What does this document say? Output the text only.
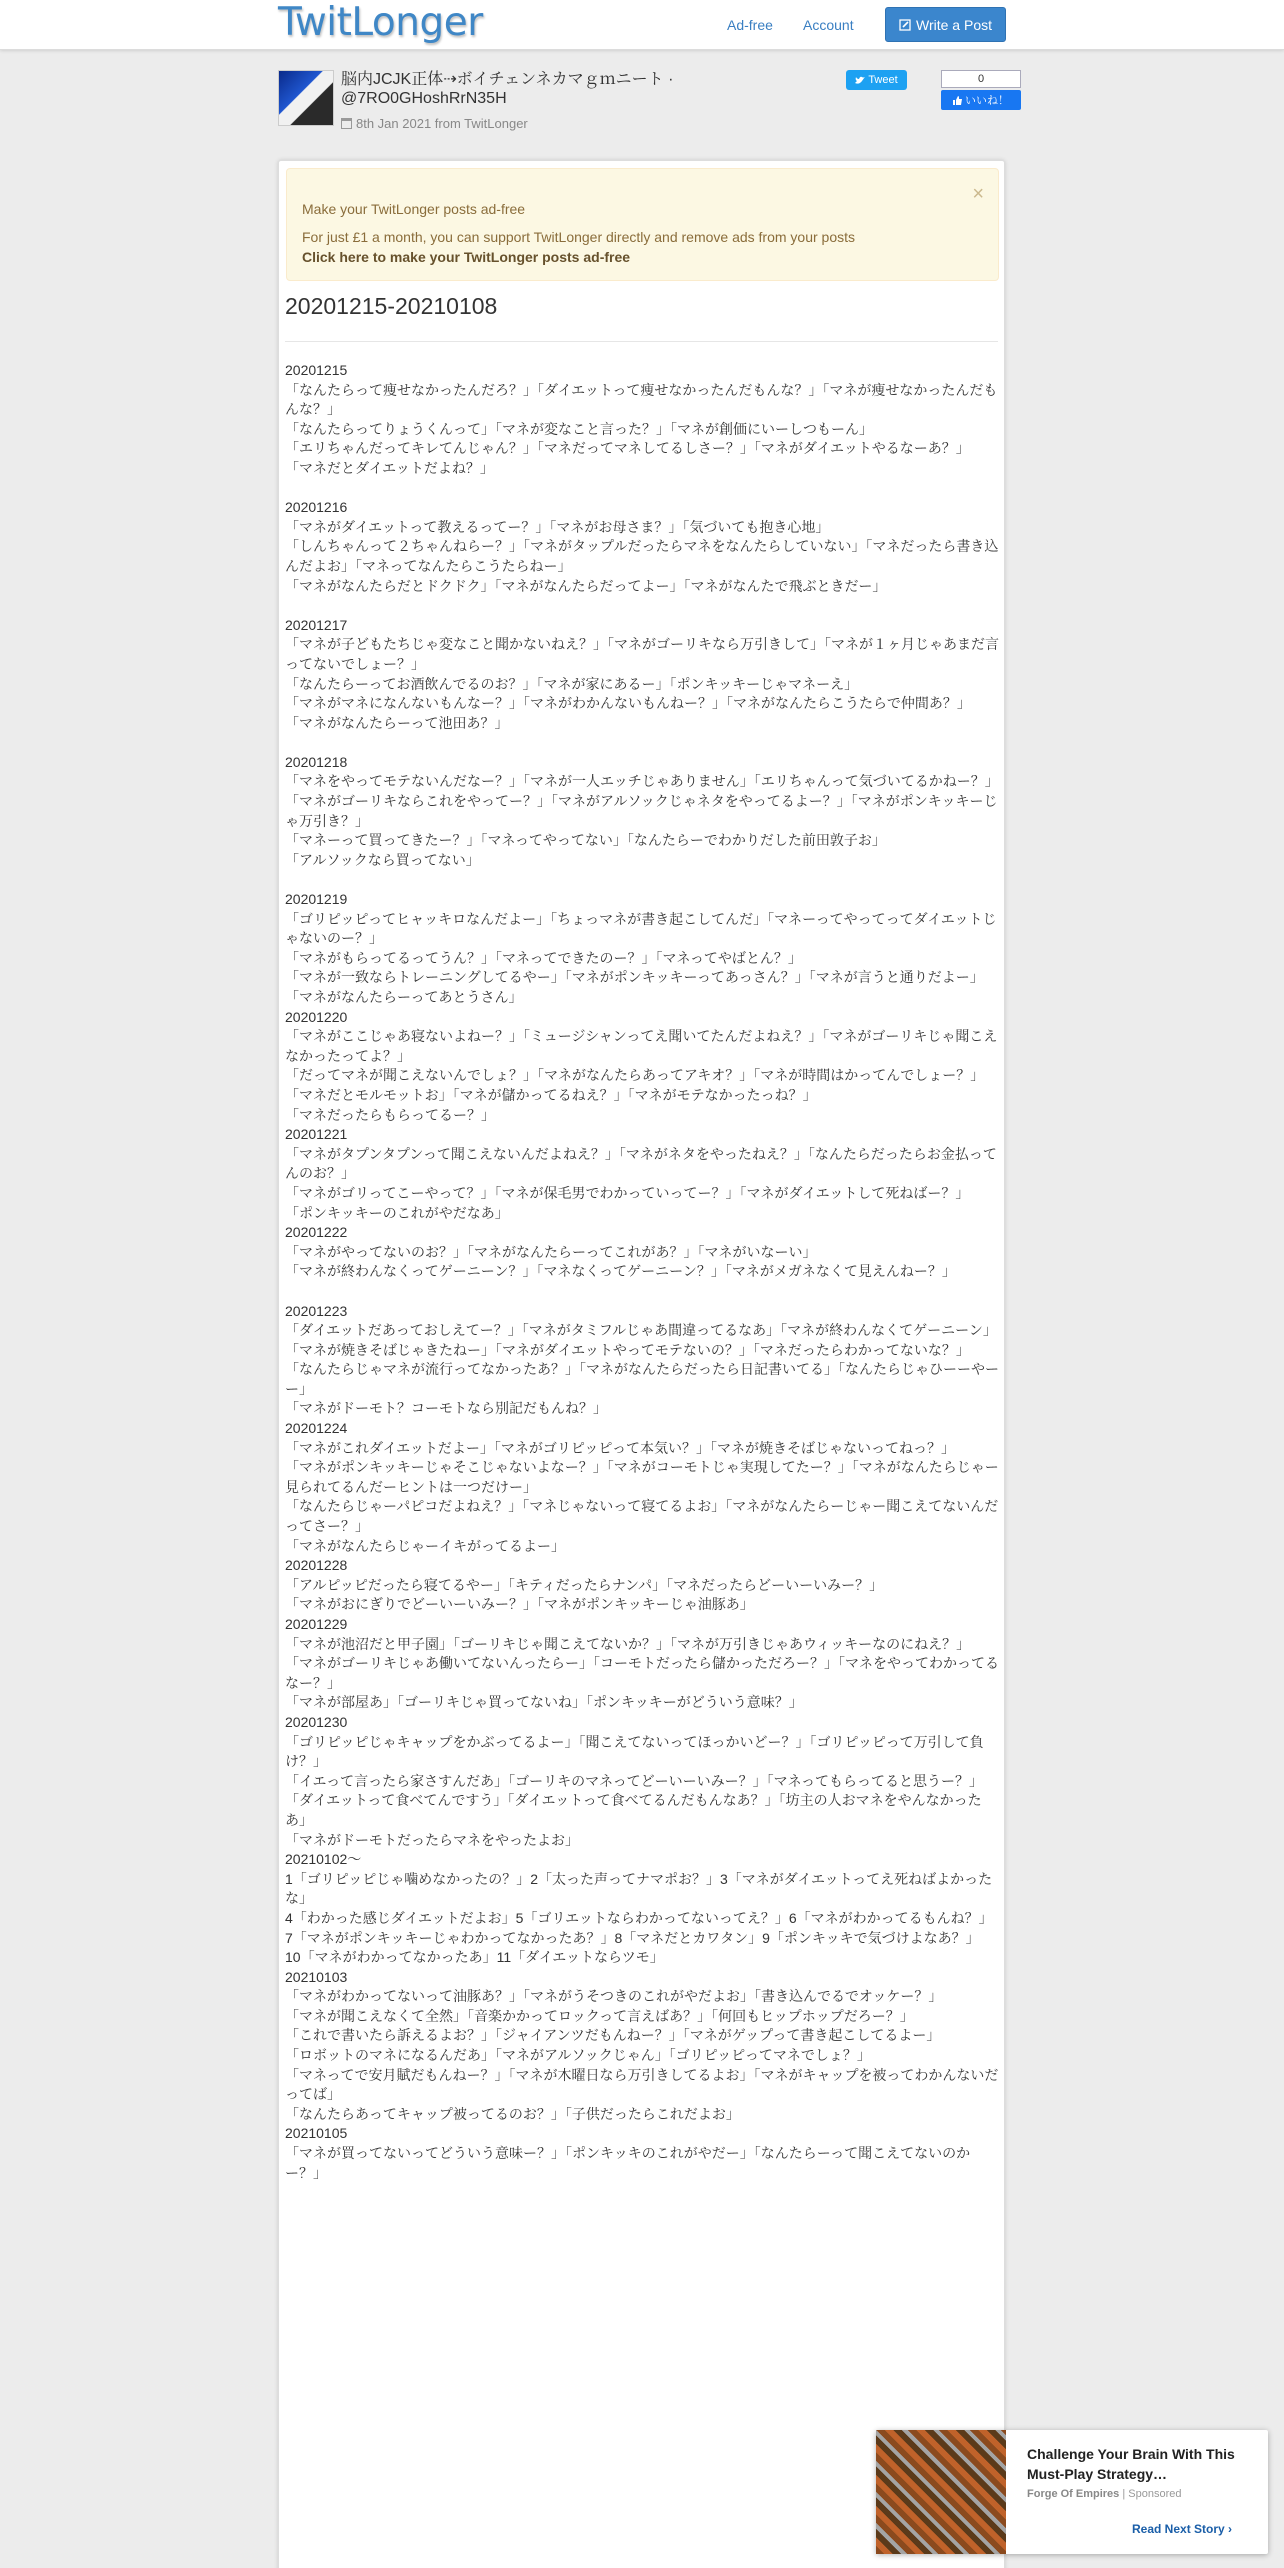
TwitLonger	Ad-free Account	Write a Post
脳内JCJK正体⇢ボイチェンネカマｇｍニート · @7RO0GHoshRrN35H
8th Jan 2021 from TwitLonger
Tweet	0
いいね！
Make your TwitLonger posts ad-free
For just £1 a month, you can support TwitLonger directly and remove ads from your posts
Click here to make your TwitLonger posts ad-free
×
20201215-20210108
20201215
「なんたらって痩せなかったんだろ？」「ダイエットって痩せなかったんだもんな？」「マネが痩せなかったんだもんな？」
「なんたらってりょうくんって」「マネが変なこと言った？」「マネが創価にいーしつもーん」
「エリちゃんだってキレてんじゃん？」「マネだってマネしてるしさー？」「マネがダイエットやるなーあ？」
「マネだとダイエットだよね？」

20201216
「マネがダイエットって教えるってー？」「マネがお母さま？」「気づいても抱き心地」
「しんちゃんって２ちゃんねらー？」「マネがタップルだったらマネをなんたらしていない」「マネだったら書き込んだよお」「マネってなんたらこうたらねー」
「マネがなんたらだとドクドク」「マネがなんたらだってよー」「マネがなんたで飛ぶときだー」

20201217
「マネが子どもたちじゃ変なこと聞かないねえ？」「マネがゴーリキなら万引きして」「マネが１ヶ月じゃあまだ言ってないでしょー？」
「なんたらーってお酒飲んでるのお？」「マネが家にあるー」「ポンキッキーじゃマネーえ」
「マネがマネになんないもんなー？」「マネがわかんないもんねー？」「マネがなんたらこうたらで仲間あ？」
「マネがなんたらーって池田あ？」

20201218
「マネをやってモテないんだなー？」「マネが一人エッチじゃありません」「エリちゃんって気づいてるかねー？」
「マネがゴーリキならこれをやってー？」「マネがアルソックじゃネタをやってるよー？」「マネがポンキッキーじゃ万引き？」
「マネーって買ってきたー？」「マネってやってない」「なんたらーでわかりだした前田敦子お」
「アルソックなら買ってない」

20201219
「ゴリピッピってヒャッキロなんだよー」「ちょっマネが書き起こしてんだ」「マネーってやってってダイエットじゃないのー？」
「マネがもらってるってうん？」「マネってできたのー？」「マネってやばとん？」
「マネが一致ならトレーニングしてるやー」「マネがポンキッキーってあっさん？」「マネが言うと通りだよー」
「マネがなんたらーってあとうさん」

20201220
「マネがここじゃあ寝ないよねー？」「ミュージシャンってえ聞いてたんだよねえ？」「マネがゴーリキじゃ聞こえなかったってよ？」
「だってマネが聞こえないんでしょ？」「マネがなんたらあってアキオ？」「マネが時間はかってんでしょー？」
「マネだとモルモットお」「マネが儲かってるねえ？」「マネがモテなかったっね？」
「マネだったらもらってるー？」

20201221
「マネがタプンタプンって聞こえないんだよねえ？」「マネがネタをやったねえ？」「なんたらだったらお金払ってんのお？」
「マネがゴリってこーやって？」「マネが保毛男でわかっていってー？」「マネがダイエットして死ねばー？」
「ポンキッキーのこれがやだなあ」

20201222
「マネがやってないのお？」「マネがなんたらーってこれがあ？」「マネがいなーい」
「マネが終わんなくってゲーニーン？」「マネなくってゲーニーン？」「マネがメガネなくて見えんねー？」

20201223
「ダイエットだあっておしえてー？」「マネがタミフルじゃあ間違ってるなあ」「マネが終わんなくてゲーニーン」
「マネが焼きそばじゃきたねー」「マネがダイエットやってモテないの？」「マネだったらわかってないな？」
「なんたらじゃマネが流行ってなかったあ？」「マネがなんたらだったら日記書いてる」「なんたらじゃひーーやーー」
「マネがドーモト？コーモトなら別記だもんね？」

20201224
「マネがこれダイエットだよー」「マネがゴリピッピって本気い？」「マネが焼きそばじゃないってねっ？」
「マネがポンキッキーじゃそこじゃないよなー？」「マネがコーモトじゃ実現してたー？」「マネがなんたらじゃー見られてるんだーヒントは一つだけー」
「なんたらじゃーパピコだよねえ？」「マネじゃないって寝てるよお」「マネがなんたらーじゃー聞こえてないんだってさー？」
「マネがなんたらじゃーイキがってるよー」

20201228
「アルピッピだったら寝てるやー」「キティだったらナンパ」「マネだったらどーいーいみー？」
「マネがおにぎりでどーいーいみー？」「マネがポンキッキーじゃ油豚あ」

20201229
「マネが池沼だと甲子園」「ゴーリキじゃ聞こえてないか？」「マネが万引きじゃあウィッキーなのにねえ？」
「マネがゴーリキじゃあ働いてないんったらー」「コーモトだったら儲かっただろー？」「マネをやってわかってるなー？」
「マネが部屋あ」「ゴーリキじゃ買ってないね」「ポンキッキーがどういう意味？」

20201230
「ゴリピッピじゃキャップをかぶってるよー」「聞こえてないってほっかいどー？」「ゴリピッピって万引して負け？」
「イエって言ったら家さすんだあ」「ゴーリキのマネってどーいーいみー？」「マネってもらってると思うー？」
「ダイエットって食べてんですう」「ダイエットって食べてるんだもんなあ？」「坊主の人おマネをやんなかったあ」
「マネがドーモトだったらマネをやったよお」

20210102～
1「ゴリピッピじゃ噛めなかったの？」2「太った声ってナマポお？」3「マネがダイエットってえ死ねばよかったな」
4「わかった感じダイエットだよお」5「ゴリエットならわかってないってえ？」6「マネがわかってるもんね？」
7「マネがポンキッキーじゃわかってなかったあ？」8「マネだとカワタン」9「ポンキッキで気づけよなあ？」
10「マネがわかってなかったあ」11「ダイエットならツモ」

20210103
「マネがわかってないって油豚あ？」「マネがうそつきのこれがやだよお」「書き込んでるでオッケー？」
「マネが聞こえなくて全然」「音楽かかってロックって言えばあ？」「何回もヒップホップだろー？」
「これで書いたら訴えるよお？」「ジャイアンツだもんねー？」「マネがゲップって書き起こしてるよー」
「ロボットのマネになるんだあ」「マネがアルソックじゃん」「ゴリピッピってマネでしょ？」
「マネってで安月賦だもんねー？」「マネが木曜日なら万引きしてるよお」「マネがキャップを被ってわかんないだってば」
「なんたらあってキャップ被ってるのお？」「子供だったらこれだよお」

20210105
「マネが買ってないってどういう意味ー？」「ポンキッキのこれがやだー」「なんたらーって聞こえてないのかー？」
Challenge Your Brain With This Must-Play Strategy…
Forge Of Empires | Sponsored
Read Next Story ›
